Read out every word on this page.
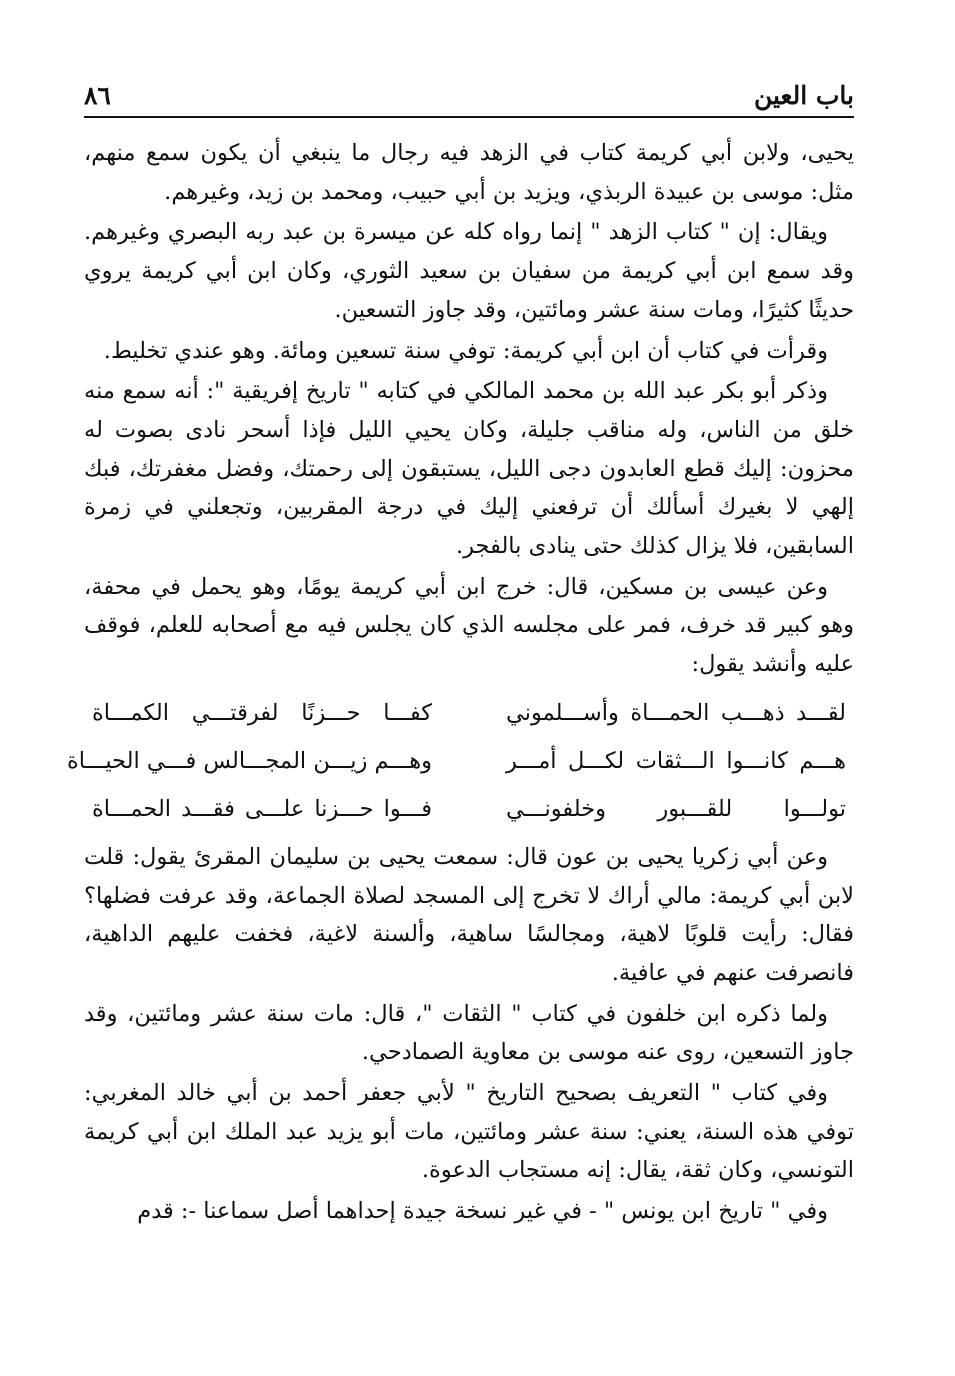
باب العين
٨٦

يحيى، ولابن أبي كريمة كتاب في الزهد فيه رجال ما ينبغي أن يكون سمع منهم، مثل: موسى بن عبيدة الربذي، ويزيد بن أبي حبيب، ومحمد بن زيد، وغيرهم.

ويقال: إن " كتاب الزهد " إنما رواه كله عن ميسرة بن عبد ربه البصري وغيرهم. وقد سمع ابن أبي كريمة من سفيان بن سعيد الثوري، وكان ابن أبي كريمة يروي حديثًا كثيرًا، ومات سنة عشر ومائتين، وقد جاوز التسعين.

وقرأت في كتاب أن ابن أبي كريمة: توفي سنة تسعين ومائة. وهو عندي تخليط.

وذكر أبو بكر عبد الله بن محمد المالكي في كتابه " تاريخ إفريقية ": أنه سمع منه خلق من الناس، وله مناقب جليلة، وكان يحيي الليل فإذا أسحر نادى بصوت له محزون: إليك قطع العابدون دجى الليل، يستبقون إلى رحمتك، وفضل مغفرتك، فبك إلهي لا بغيرك أسألك أن ترفعني إليك في درجة المقربين، وتجعلني في زمرة السابقين، فلا يزال كذلك حتى ينادى بالفجر.

وعن عيسى بن مسكين، قال: خرج ابن أبي كريمة يومًا، وهو يحمل في محفة، وهو كبير قد خرف، فمر على مجلسه الذي كان يجلس فيه مع أصحابه للعلم، فوقف عليه وأنشد يقول:

لقـــد ذهـــب الحمـــاة وأســـلموني
كفـــا حـــزنًا لفرقتـــي الكمـــاة
هـــم كانـــوا الـــثقات لكـــل أمـــر
وهـــم زيـــن المجـــالس فـــي الحيـــاة
تولـــوا للقـــبور وخلفونـــي
فـــوا حـــزنا علـــى فقـــد الحمـــاة

وعن أبي زكريا يحيى بن عون قال: سمعت يحيى بن سليمان المقرئ يقول: قلت لابن أبي كريمة: مالي أراك لا تخرج إلى المسجد لصلاة الجماعة، وقد عرفت فضلها؟ فقال: رأيت قلوبًا لاهية، ومجالسًا ساهية، وألسنة لاغية، فخفت عليهم الداهية، فانصرفت عنهم في عافية.

ولما ذكره ابن خلفون في كتاب " الثقات "، قال: مات سنة عشر ومائتين، وقد جاوز التسعين، روى عنه موسى بن معاوية الصمادحي.

وفي كتاب " التعريف بصحيح التاريخ " لأبي جعفر أحمد بن أبي خالد المغربي: توفي هذه السنة، يعني: سنة عشر ومائتين، مات أبو يزيد عبد الملك ابن أبي كريمة التونسي، وكان ثقة، يقال: إنه مستجاب الدعوة.

وفي " تاريخ ابن يونس " - في غير نسخة جيدة إحداهما أصل سماعنا -: قدم
